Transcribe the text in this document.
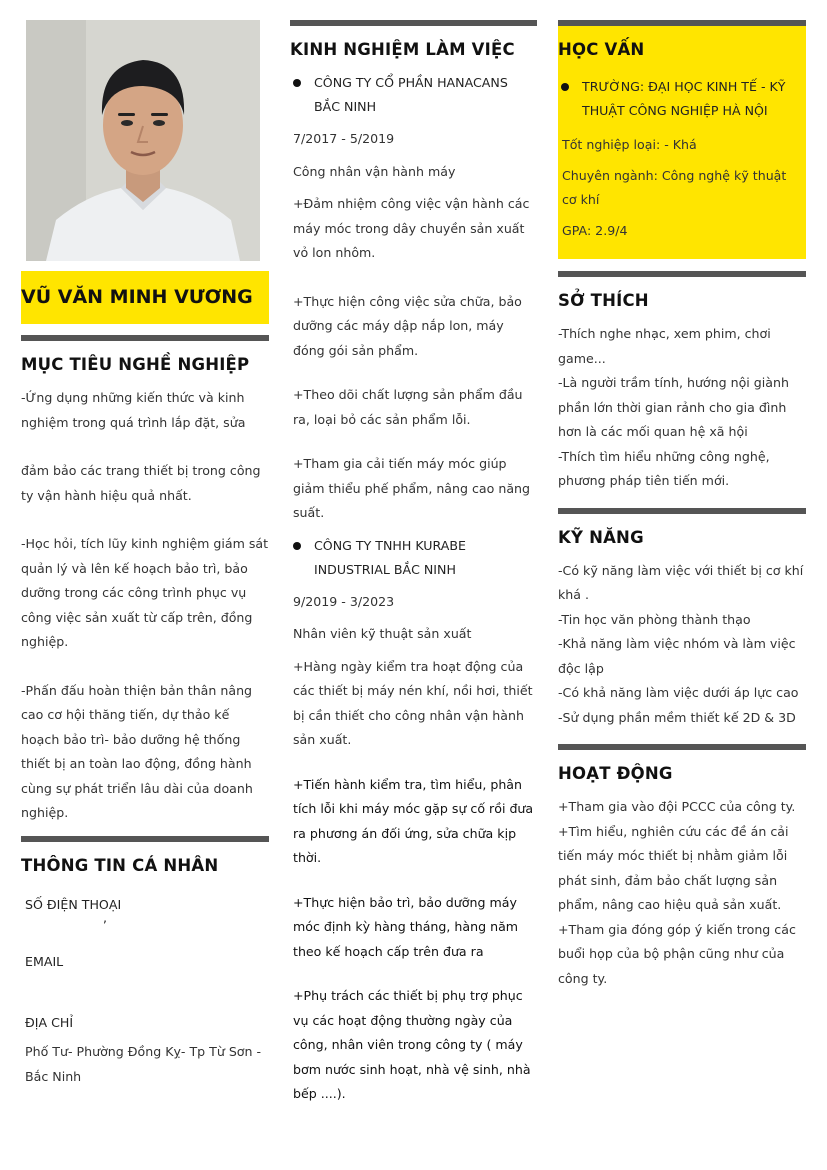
VŨ VĂN MINH VƯƠNG
MỤC TIÊU NGHỀ NGHIỆP

-Ứng dụng những kiến thức và kinh nghiệm trong quá trình lắp đặt, sửa

đảm bảo các trang thiết bị trong công ty vận hành hiệu quả nhất.

-Học hỏi, tích lũy kinh nghiệm giám sát quản lý và lên kế hoạch bảo trì, bảo dưỡng trong các công trình phục vụ công việc sản xuất từ cấp trên, đồng nghiệp.

-Phấn đấu hoàn thiện bản thân nâng cao cơ hội thăng tiến, dự thảo kế hoạch bảo trì- bảo dưỡng hệ thống thiết bị an toàn lao động, đồng hành cùng sự phát triển lâu dài của doanh nghiệp.

THÔNG TIN CÁ NHÂN
SỐ ĐIỆN THOẠI
,
EMAIL
ĐỊA CHỈ
Phố Tư- Phường Đồng Kỵ- Tp Từ Sơn - Bắc Ninh
KINH NGHIỆM LÀM VIỆC
CÔNG TY CỔ PHẦN HANACANS BẮC NINH

7/2017 - 5/2019

Công nhân vận hành máy

+Đảm nhiệm công việc vận hành các máy móc trong dây chuyền sản xuất vỏ lon nhôm.

+Thực hiện công việc sửa chữa, bảo dưỡng các máy dập nắp lon, máy đóng gói sản phẩm.

+Theo dõi chất lượng sản phẩm đầu ra, loại bỏ các sản phẩm lỗi.

+Tham gia cải tiến máy móc giúp giảm thiểu phế phẩm, nâng cao năng suất.

CÔNG TY TNHH KURABE INDUSTRIAL BẮC NINH

9/2019 - 3/2023

Nhân viên kỹ thuật sản xuất

+Hàng ngày kiểm tra hoạt động của các thiết bị máy nén khí, nồi hơi, thiết bị cần thiết cho công nhân vận hành sản xuất.

+Tiến hành kiểm tra, tìm hiểu, phân tích lỗi khi máy móc gặp sự cố rồi đưa ra phương án đối ứng, sửa chữa kịp thời.

+Thực hiện bảo trì, bảo dưỡng máy móc định kỳ hàng tháng, hàng năm theo kế hoạch cấp trên đưa ra

+Phụ trách các thiết bị phụ trợ phục vụ các hoạt động thường ngày của công, nhân viên trong công ty ( máy bơm nước sinh hoạt, nhà vệ sinh, nhà bếp ....).

HỌC VẤN
TRƯỜNG: ĐẠI HỌC KINH TẾ - KỸ THUẬT CÔNG NGHIỆP HÀ NỘI

Tốt nghiệp loại: - Khá

Chuyên ngành: Công nghệ kỹ thuật cơ khí

GPA: 2.9/4

SỞ THÍCH

-Thích nghe nhạc, xem phim, chơi game...

-Là người trầm tính, hướng nội giành phần lớn thời gian rảnh cho gia đình hơn là các mối quan hệ xã hội

-Thích tìm hiểu những công nghệ, phương pháp tiên tiến mới.

KỸ NĂNG

-Có kỹ năng làm việc với thiết bị cơ khí khá .

-Tin học văn phòng thành thạo

-Khả năng làm việc nhóm và làm việc độc lập

-Có khả năng làm việc dưới áp lực cao

-Sử dụng phần mềm thiết kế 2D & 3D

HOẠT ĐỘNG

+Tham gia vào đội PCCC của công ty.

+Tìm hiểu, nghiên cứu các đề án cải tiến máy móc thiết bị nhằm giảm lỗi phát sinh, đảm bảo chất lượng sản phẩm, nâng cao hiệu quả sản xuất.

+Tham gia đóng góp ý kiến trong các buổi họp của bộ phận cũng như của công ty.
